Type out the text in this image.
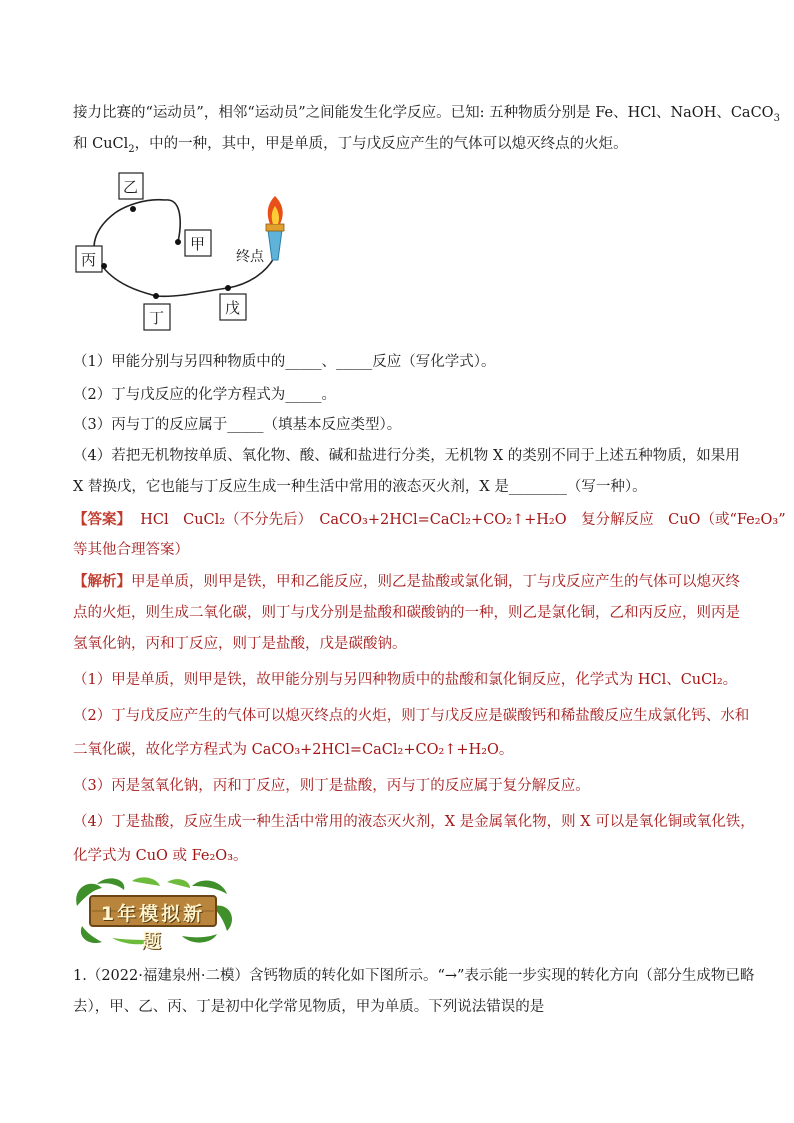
接力比赛的“运动员”，相邻“运动员”之间能发生化学反应。已知: 五种物质分别是 Fe、HCl、NaOH、CaCO$_3$
和 CuCl$_2$，中的一种，其中，甲是单质，丁与戊反应产生的气体可以熄灭终点的火炬。
乙
甲
丙
丁
戊
终点
（1）甲能分别与另四种物质中的_____、_____反应（写化学式）。
（2）丁与戊反应的化学方程式为_____。
（3）丙与丁的反应属于_____（填基本反应类型）。
（4）若把无机物按单质、氧化物、酸、碱和盐进行分类，无机物 X 的类别不同于上述五种物质，如果用
X 替换戊，它也能与丁反应生成一种生活中常用的液态灭火剂，X 是________（写一种）。
【答案】 HCl　CuCl₂（不分先后）　CaCO₃+2HCl=CaCl₂+CO₂↑+H₂O　复分解反应　CuO（或“Fe₂O₃”
等其他合理答案）
【解析】甲是单质，则甲是铁，甲和乙能反应，则乙是盐酸或氯化铜，丁与戊反应产生的气体可以熄灭终
点的火炬，则生成二氧化碳，则丁与戊分别是盐酸和碳酸钠的一种，则乙是氯化铜，乙和丙反应，则丙是
氢氧化钠，丙和丁反应，则丁是盐酸，戊是碳酸钠。
（1）甲是单质，则甲是铁，故甲能分别与另四种物质中的盐酸和氯化铜反应，化学式为 HCl、CuCl₂。
（2）丁与戊反应产生的气体可以熄灭终点的火炬，则丁与戊反应是碳酸钙和稀盐酸反应生成氯化钙、水和
二氧化碳，故化学方程式为 CaCO₃+2HCl=CaCl₂+CO₂↑+H₂O。
（3）丙是氢氧化钠，丙和丁反应，则丁是盐酸，丙与丁的反应属于复分解反应。
（4）丁是盐酸，反应生成一种生活中常用的液态灭火剂，X 是金属氧化物，则 X 可以是氧化铜或氧化铁，
化学式为 CuO 或 Fe₂O₃。
1年模拟新题
1.（2022·福建泉州·二模）含钙物质的转化如下图所示。“→”表示能一步实现的转化方向（部分生成物已略
去），甲、乙、丙、丁是初中化学常见物质，甲为单质。下列说法错误的是
